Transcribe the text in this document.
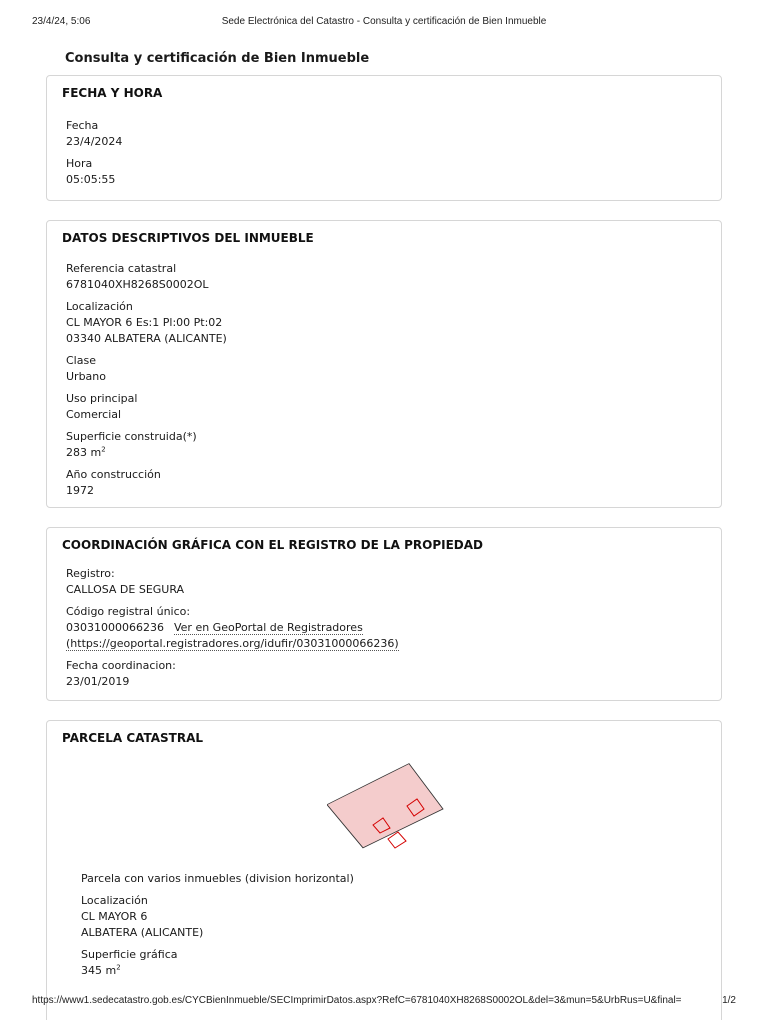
23/4/24, 5:06	Sede Electrónica del Catastro - Consulta y certificación de Bien Inmueble
Consulta y certificación de Bien Inmueble
FECHA Y HORA
Fecha
23/4/2024
Hora
05:05:55
DATOS DESCRIPTIVOS DEL INMUEBLE
Referencia catastral
6781040XH8268S0002OL
Localización
CL MAYOR 6 Es:1 Pl:00 Pt:02
03340 ALBATERA (ALICANTE)
Clase
Urbano
Uso principal
Comercial
Superficie construida(*)
283 $m^2$
Año construcción
1972
COORDINACIÓN GRÁFICA CON EL REGISTRO DE LA PROPIEDAD
Registro:
CALLOSA DE SEGURA
Código registral único:
03031000066236 Ver en GeoPortal de Registradores
(https://geoportal.registradores.org/idufir/03031000066236)
Fecha coordinacion:
23/01/2019
PARCELA CATASTRAL
Parcela con varios inmuebles (division horizontal)
Localización
CL MAYOR 6
ALBATERA (ALICANTE)
Superficie gráfica
345 $m^2$
https://www1.sedecatastro.gob.es/CYCBienInmueble/SECImprimirDatos.aspx?RefC=6781040XH8268S0002OL&del=3&mun=5&UrbRus=U&final=	1/2
